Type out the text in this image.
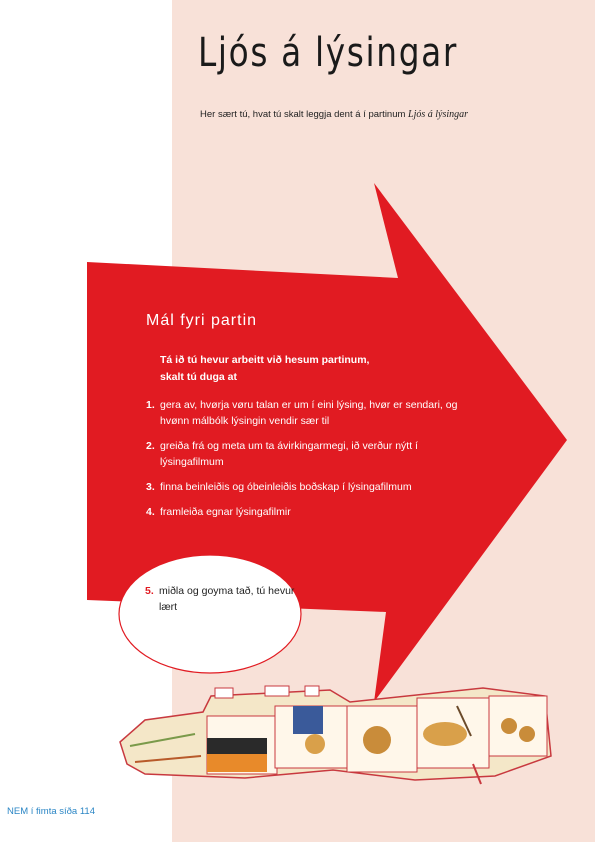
Ljós á lýsingar
Her sært tú, hvat tú skalt leggja dent á í partinum Ljós á lýsingar
Mál fyri partin
Tá ið tú hevur arbeitt við hesum partinum,
skalt tú duga at
1. gera av, hvørja vøru talan er um í eini lýsing, hvør er sendari, og hvønn málbólk lýsingin vendir sær til
2. greiða frá og meta um ta ávirkingarmegi, ið verður nýtt í lýsingafilmum
3. finna beinleiðis og óbeinleiðis boðskap í lýsingafilmum
4. framleiða egnar lýsingafilmir
5. miðla og goyma tað, tú hevur lært
NEM í fimta síða 114
